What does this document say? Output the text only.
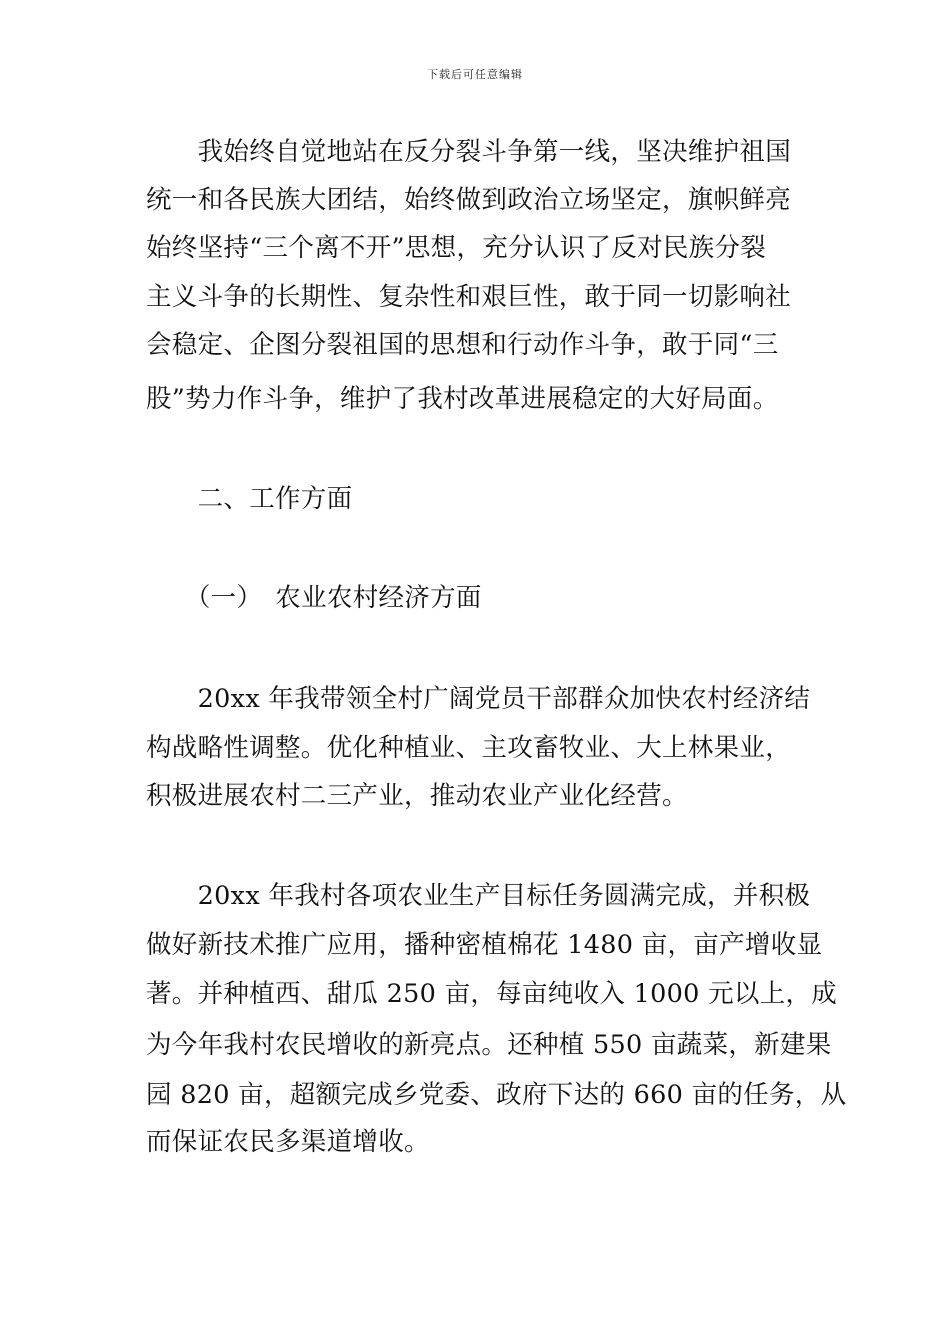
下载后可任意编辑
　　我始终自觉地站在反分裂斗争第一线，坚决维护祖国
统一和各民族大团结，始终做到政治立场坚定，旗帜鲜亮
始终坚持“三个离不开”思想，充分认识了反对民族分裂
主义斗争的长期性、复杂性和艰巨性，敢于同一切影响社
会稳定、企图分裂祖国的思想和行动作斗争，敢于同“三
股”势力作斗争，维护了我村改革进展稳定的大好局面。
　　二、工作方面
　　（一）　农业农村经济方面
　　20xx 年我带领全村广阔党员干部群众加快农村经济结
构战略性调整。优化种植业、主攻畜牧业、大上林果业，
积极进展农村二三产业，推动农业产业化经营。
　　20xx 年我村各项农业生产目标任务圆满完成，并积极
做好新技术推广应用，播种密植棉花 1480 亩，亩产增收显
著。并种植西、甜瓜 250 亩，每亩纯收入 1000 元以上，成
为今年我村农民增收的新亮点。还种植 550 亩蔬菜，新建果
园 820 亩，超额完成乡党委、政府下达的 660 亩的任务，从
而保证农民多渠道增收。
